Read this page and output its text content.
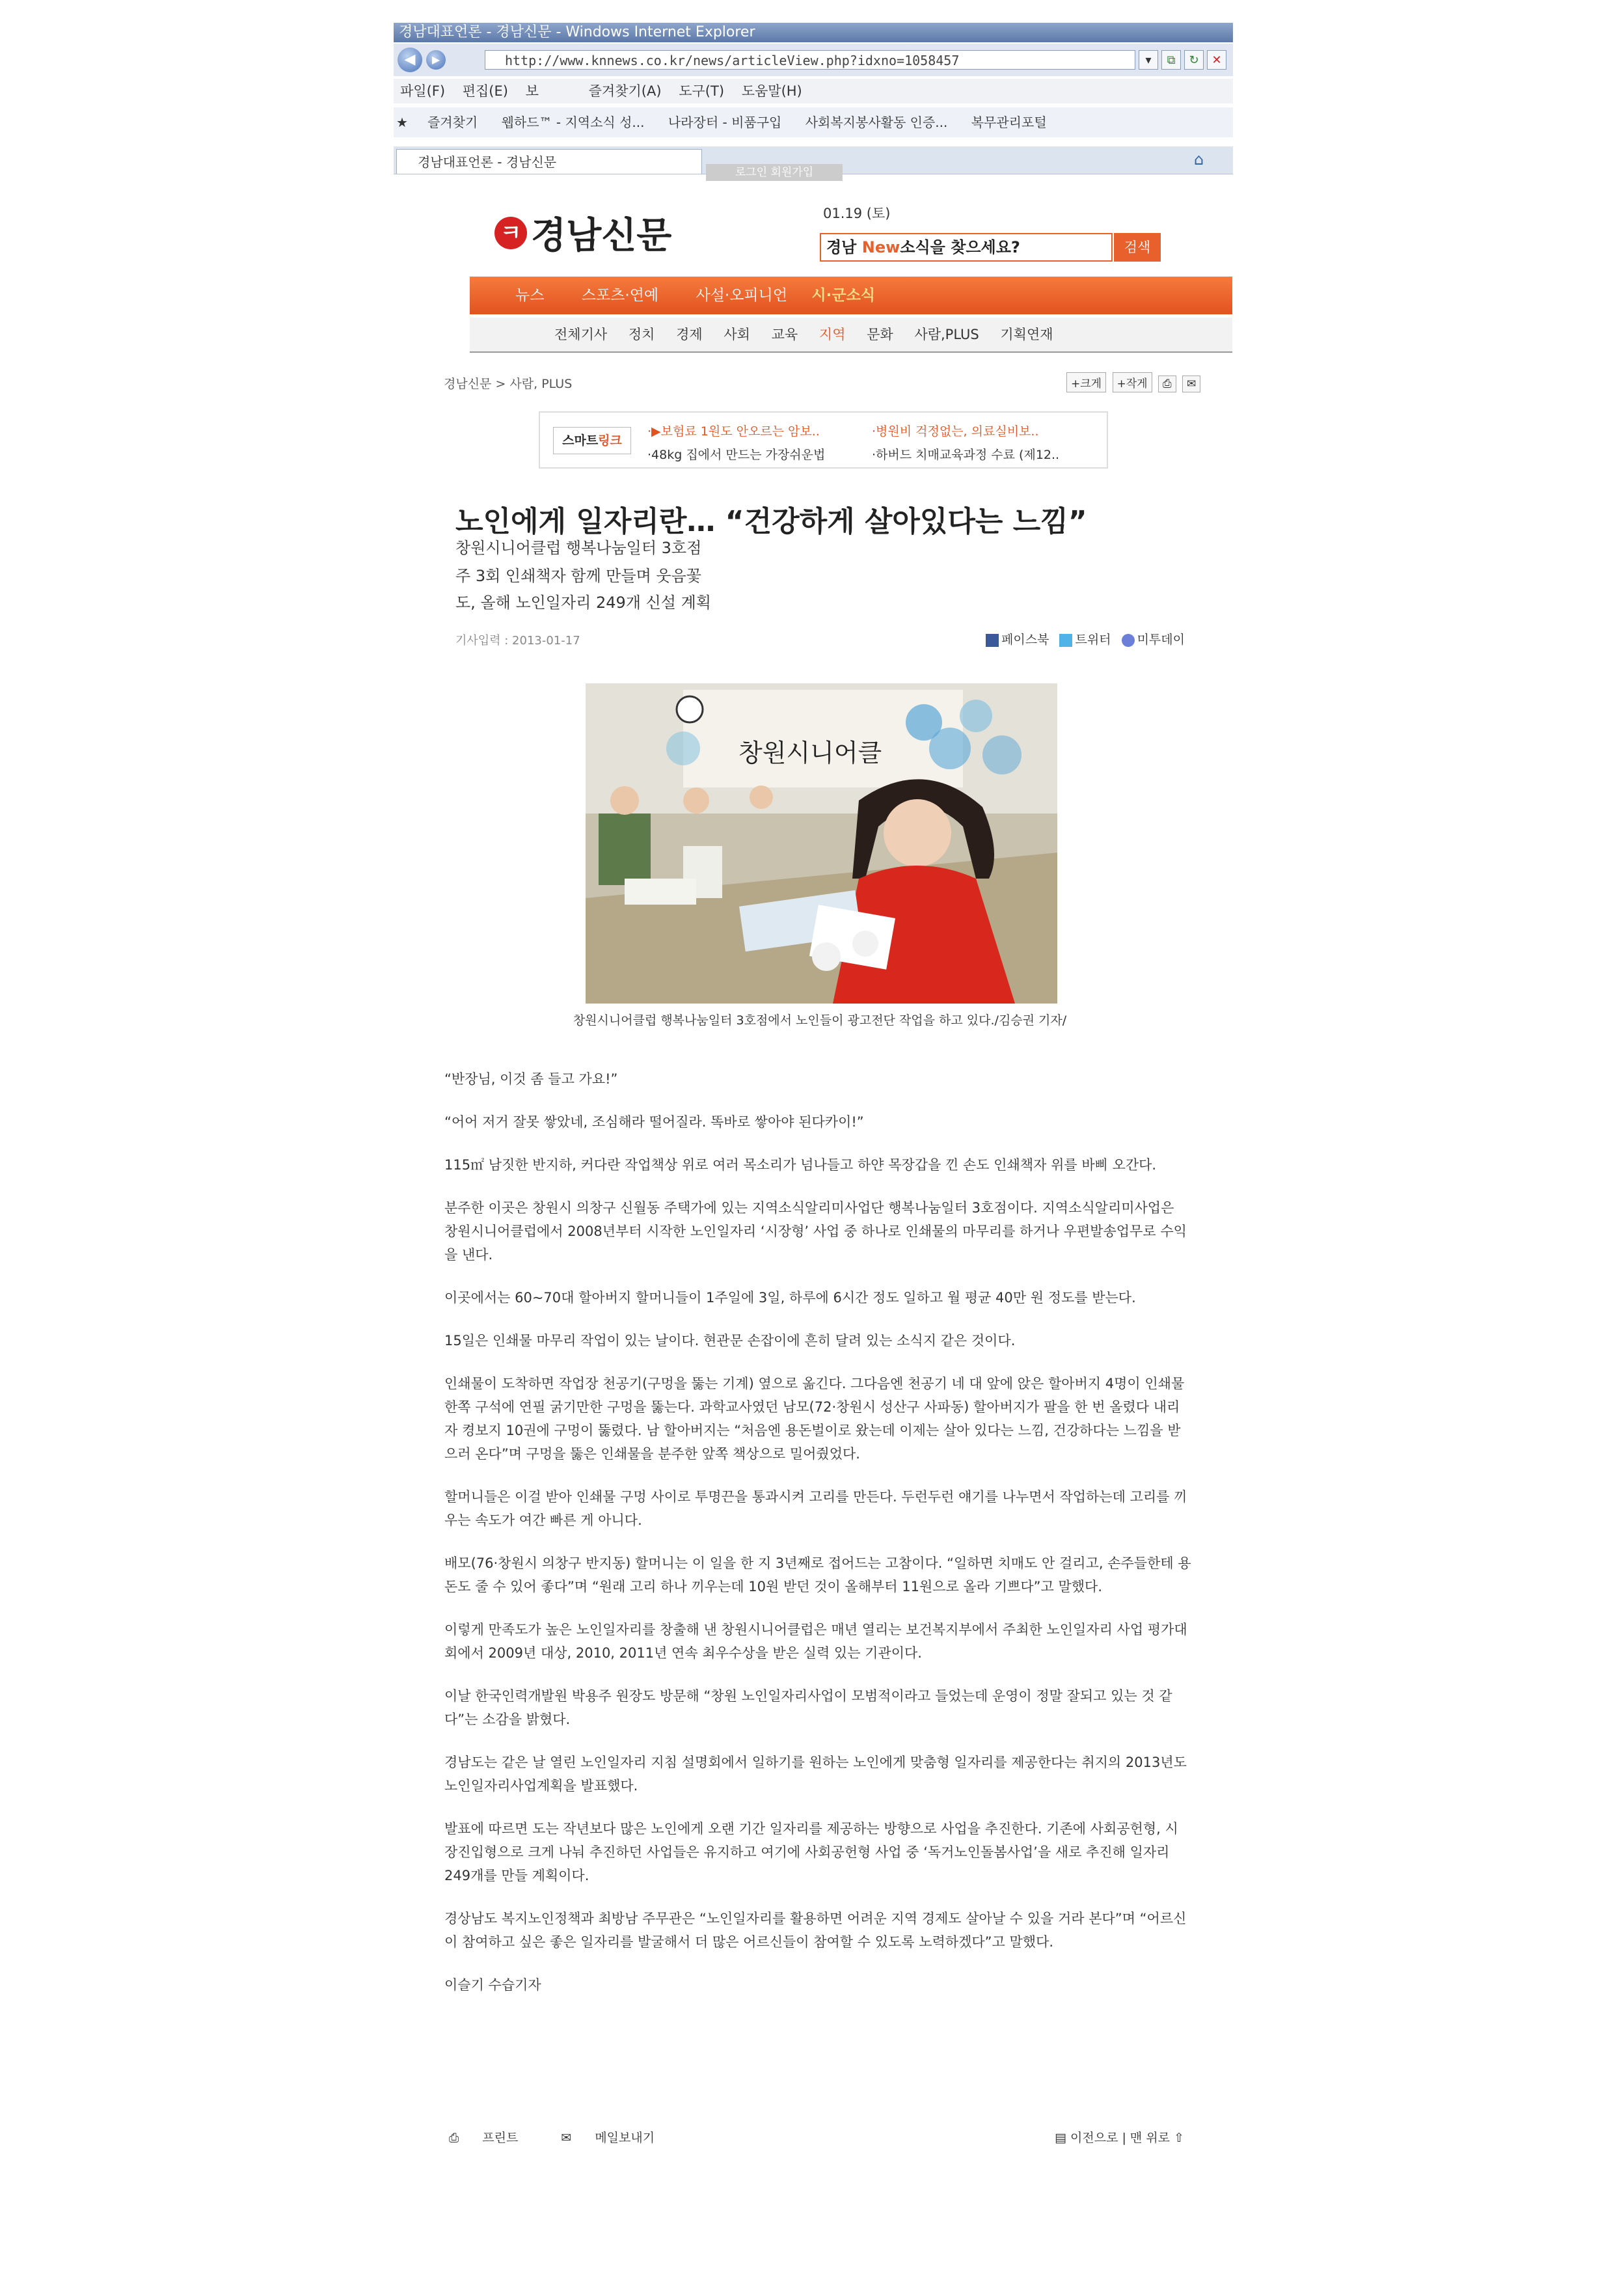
경남대표언론 - 경남신문 - Windows Internet Explorer
◀	▶	http://www.knnews.co.kr/news/articleView.php?idxno=1058457	▾	⧉	↻	✕
파일(F) 편집(E) 보	즐겨찾기(A) 도구(T) 도움말(H)
★ 즐겨찾기 웹하드™ - 지역소식 성... 나라장터 - 비품구입 사회복지봉사활동 인증... 복무관리포털
경남대표언론 - 경남신문	⌂
로그인 회원가입
ㅋ 경남신문
01.19 (토)
경남 New소식을 찾으세요?	검색
뉴스 스포츠·연예 사설·오피니언 시·군소식
전체기사 정치 경제 사회 교육 지역 문화 사람,PLUS 기획연재
경남신문 > 사람, PLUS	+크게 +작게 ⎙ ✉
스마트링크
·▶보험료 1원도 안오르는 암보..	·병원비 걱정없는, 의료실비보..
·48kg 집에서 만드는 가장쉬운법	·하버드 치매교육과정 수료 (제12..
노인에게 일자리란… “건강하게 살아있다는 느낌”
창원시니어클럽 행복나눔일터 3호점
주 3회 인쇄책자 함께 만들며 웃음꽃
도, 올해 노인일자리 249개 신설 계획
기사입력 : 2013-01-17	페이스북 트위터 미투데이
창원시니어클
창원시니어클럽 행복나눔일터 3호점에서 노인들이 광고전단 작업을 하고 있다./김승권 기자/

“반장님, 이것 좀 들고 가요!”

“어어 저거 잘못 쌓았네, 조심해라 떨어질라. 똑바로 쌓아야 된다카이!”

115㎡ 남짓한 반지하, 커다란 작업책상 위로 여러 목소리가 넘나들고 하얀 목장갑을 낀 손도 인쇄책자 위를 바삐 오간다.

분주한 이곳은 창원시 의창구 신월동 주택가에 있는 지역소식알리미사업단 행복나눔일터 3호점이다. 지역소식알리미사업은 창원시니어클럽에서 2008년부터 시작한 노인일자리 ‘시장형’ 사업 중 하나로 인쇄물의 마무리를 하거나 우편발송업무로 수익을 낸다.

이곳에서는 60~70대 할아버지 할머니들이 1주일에 3일, 하루에 6시간 정도 일하고 월 평균 40만 원 정도를 받는다.

15일은 인쇄물 마무리 작업이 있는 날이다. 현관문 손잡이에 흔히 달려 있는 소식지 같은 것이다.

인쇄물이 도착하면 작업장 천공기(구멍을 뚫는 기계) 옆으로 옮긴다. 그다음엔 천공기 네 대 앞에 앉은 할아버지 4명이 인쇄물 한쪽 구석에 연필 굵기만한 구멍을 뚫는다. 과학교사였던 남모(72·창원시 성산구 사파동) 할아버지가 팔을 한 번 올렸다 내리자 켱보지 10권에 구멍이 뚫렸다. 남 할아버지는 “처음엔 용돈벌이로 왔는데 이제는 살아 있다는 느낌, 건강하다는 느낌을 받으러 온다”며 구멍을 뚫은 인쇄물을 분주한 앞쪽 책상으로 밀어줬었다.

할머니들은 이걸 받아 인쇄물 구멍 사이로 투명끈을 통과시켜 고리를 만든다. 두런두런 얘기를 나누면서 작업하는데 고리를 끼우는 속도가 여간 빠른 게 아니다.

배모(76·창원시 의창구 반지동) 할머니는 이 일을 한 지 3년째로 접어드는 고참이다. “일하면 치매도 안 걸리고, 손주들한테 용돈도 줄 수 있어 좋다”며 “원래 고리 하나 끼우는데 10원 받던 것이 올해부터 11원으로 올라 기쁘다”고 말했다.

이렇게 만족도가 높은 노인일자리를 창출해 낸 창원시니어클럽은 매년 열리는 보건복지부에서 주최한 노인일자리 사업 평가대회에서 2009년 대상, 2010, 2011년 연속 최우수상을 받은 실력 있는 기관이다.

이날 한국인력개발원 박용주 원장도 방문해 “창원 노인일자리사업이 모범적이라고 들었는데 운영이 정말 잘되고 있는 것 같다”는 소감을 밝혔다.

경남도는 같은 날 열린 노인일자리 지침 설명회에서 일하기를 원하는 노인에게 맞춤형 일자리를 제공한다는 취지의 2013년도 노인일자리사업계획을 발표했다.

발표에 따르면 도는 작년보다 많은 노인에게 오랜 기간 일자리를 제공하는 방향으로 사업을 추진한다. 기존에 사회공헌형, 시장진입형으로 크게 나눠 추진하던 사업들은 유지하고 여기에 사회공헌형 사업 중 ‘독거노인돌봄사업’을 새로 추진해 일자리 249개를 만들 계획이다.

경상남도 복지노인정책과 최방남 주무관은 “노인일자리를 활용하면 어려운 지역 경제도 살아날 수 있을 거라 본다”며 “어르신이 참여하고 싶은 좋은 일자리를 발굴해서 더 많은 어르신들이 참여할 수 있도록 노력하겠다”고 말했다.

이슬기 수습기자

⎙ 프린트	✉ 메일보내기	▤ 이전으로 | 맨 위로 ⇧
